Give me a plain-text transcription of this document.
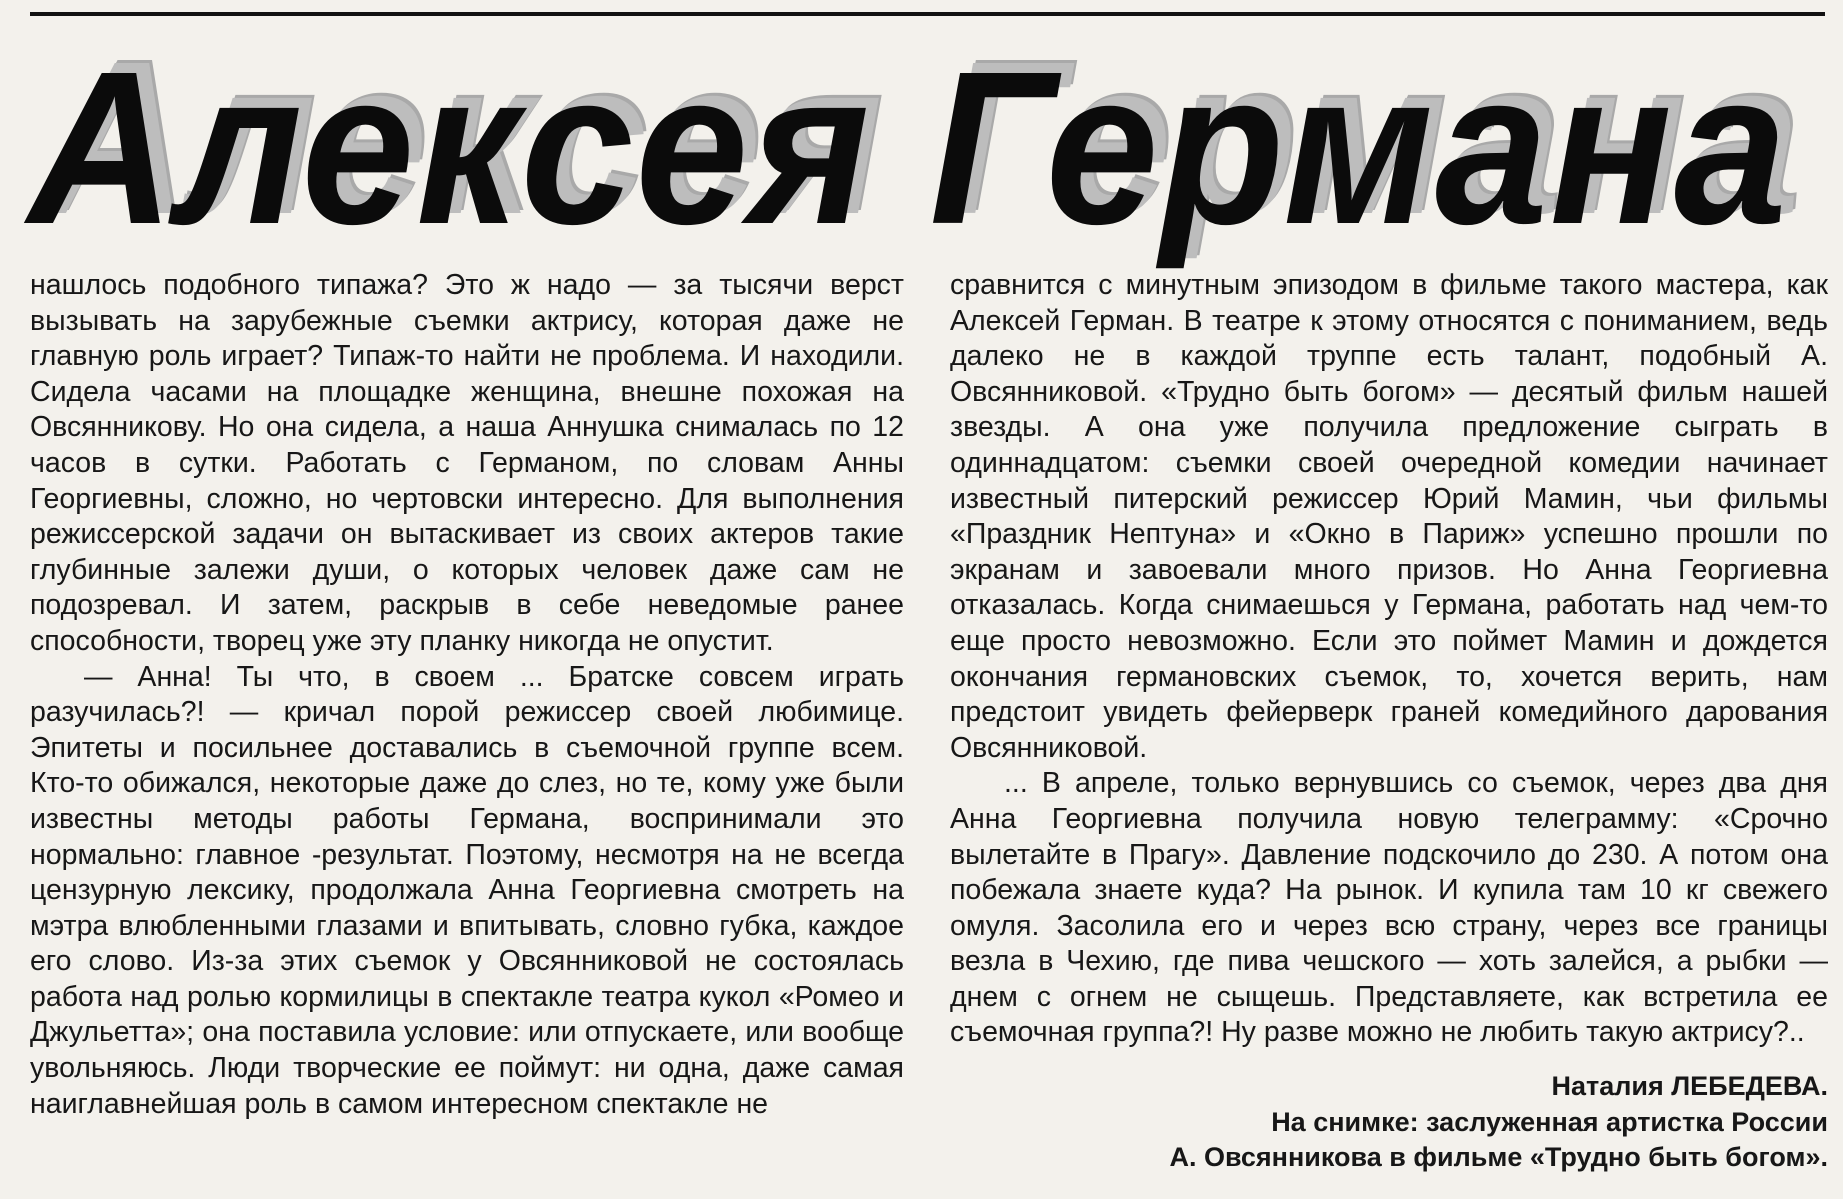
Алексея Германа

нашлось подобного типажа? Это ж надо — за тысячи верст вызывать на зарубежные съемки актрису, которая даже не главную роль играет? Типаж-то найти не проблема. И находили. Сидела часами на площадке женщина, внешне похожая на Овсянникову. Но она сидела, а наша Аннушка снималась по 12 часов в сутки. Работать с Германом, по словам Анны Георгиевны, сложно, но чертовски интересно. Для выполнения режиссерской задачи он вытаскивает из своих актеров такие глубинные залежи души, о которых человек даже сам не подозревал. И затем, раскрыв в себе неведомые ранее способности, творец уже эту планку никогда не опустит.

— Анна! Ты что, в своем ... Братске совсем играть разучилась?! — кричал порой режиссер своей любимице. Эпитеты и посильнее доставались в съемочной группе всем. Кто-то обижался, некоторые даже до слез, но те, кому уже были известны методы работы Германа, воспринимали это нормально: главное -результат. Поэтому, несмотря на не всегда цензурную лексику, продолжала Анна Георгиевна смотреть на мэтра влюбленными глазами и впитывать, словно губка, каждое его слово. Из-за этих съемок у Овсянниковой не состоялась работа над ролью кормилицы в спектакле театра кукол «Ромео и Джульетта»; она поставила условие: или отпускаете, или вообще увольняюсь. Люди творческие ее поймут: ни одна, даже самая наиглавнейшая роль в самом интересном спектакле не

сравнится с минутным эпизодом в фильме такого мастера, как Алексей Герман. В театре к этому относятся с пониманием, ведь далеко не в каждой труппе есть талант, подобный А. Овсянниковой. «Трудно быть богом» — десятый фильм нашей звезды. А она уже получила предложение сыграть в одиннадцатом: съемки своей очередной комедии начинает известный питерский режиссер Юрий Мамин, чьи фильмы «Праздник Нептуна» и «Окно в Париж» успешно прошли по экранам и завоевали много призов. Но Анна Георгиевна отказалась. Когда снимаешься у Германа, работать над чем-то еще просто невозможно. Если это поймет Мамин и дождется окончания германовских съемок, то, хочется верить, нам предстоит увидеть фейерверк граней комедийного дарования Овсянниковой.

... В апреле, только вернувшись со съемок, через два дня Анна Георгиевна получила новую телеграмму: «Срочно вылетайте в Прагу». Давление подскочило до 230. А потом она побежала знаете куда? На рынок. И купила там 10 кг свежего омуля. Засолила его и через всю страну, через все границы везла в Чехию, где пива чешского — хоть залейся, а рыбки — днем с огнем не сыщешь. Представляете, как встретила ее съемочная группа?! Ну разве можно не любить такую актрису?..

Наталия ЛЕБЕДЕВА.
На снимке: заслуженная артистка России
А. Овсянникова в фильме «Трудно быть богом».
